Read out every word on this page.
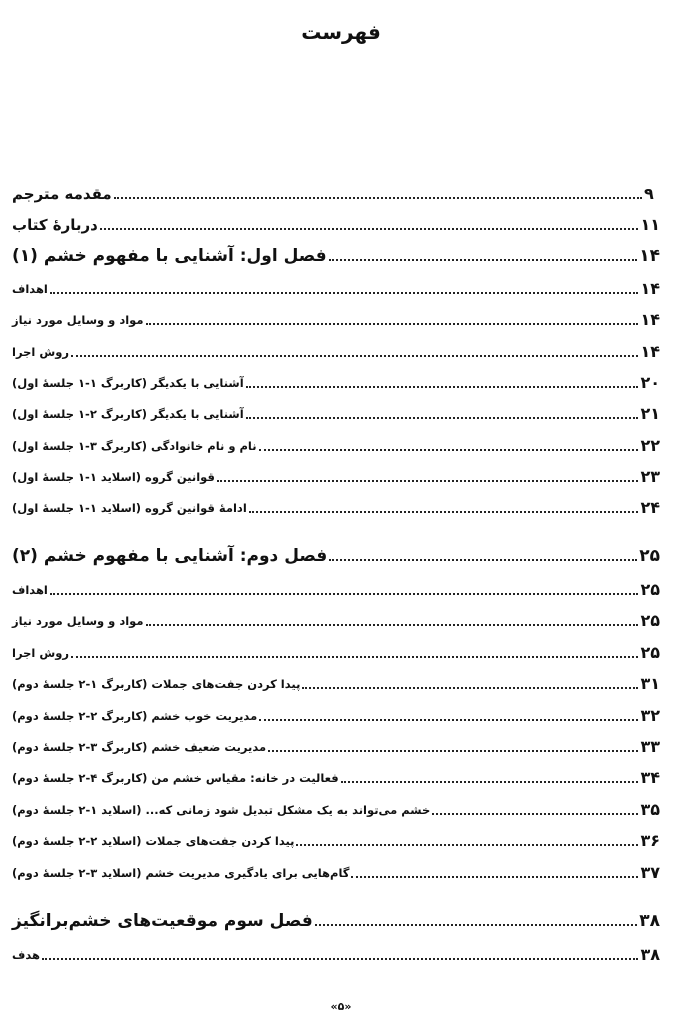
فهرست
مقدمه مترجم	۹
دربارهٔ کتاب	۱۱
فصل اول: آشنایی با مفهوم خشم (۱)	۱۴
اهداف	۱۴
مواد و وسایل مورد نیاز	۱۴
روش اجرا	۱۴
آشنایی با یکدیگر (کاربرگ ۱-۱ جلسهٔ اول)	۲۰
آشنایی با یکدیگر (کاربرگ ۲-۱ جلسهٔ اول)	۲۱
نام و نام خانوادگی (کاربرگ ۳-۱ جلسهٔ اول)	۲۲
قوانین گروه (اسلاید ۱-۱ جلسهٔ اول)	۲۳
ادامهٔ قوانین گروه (اسلاید ۱-۱ جلسهٔ اول)	۲۴
فصل دوم: آشنایی با مفهوم خشم (۲)	۲۵
اهداف	۲۵
مواد و وسایل مورد نیاز	۲۵
روش اجرا	۲۵
پیدا کردن جفت‌های جملات (کاربرگ ۱-۲ جلسهٔ دوم)	۳۱
مدیریت خوب خشم (کاربرگ ۲-۲ جلسهٔ دوم)	۳۲
مدیریت ضعیف خشم (کاربرگ ۳-۲ جلسهٔ دوم)	۳۳
فعالیت در خانه: مقیاس خشم من (کاربرگ ۴-۲ جلسهٔ دوم)	۳۴
خشم می‌تواند به یک مشکل تبدیل شود زمانی که... (اسلاید ۱-۲ جلسهٔ دوم)	۳۵
پیدا کردن جفت‌های جملات (اسلاید ۲-۲ جلسهٔ دوم)	۳۶
گام‌هایی برای یادگیری مدیریت خشم (اسلاید ۳-۲ جلسهٔ دوم)	۳۷
فصل سوم موقعیت‌های خشم‌برانگیز	۳۸
هدف	۳۸
«۵»
